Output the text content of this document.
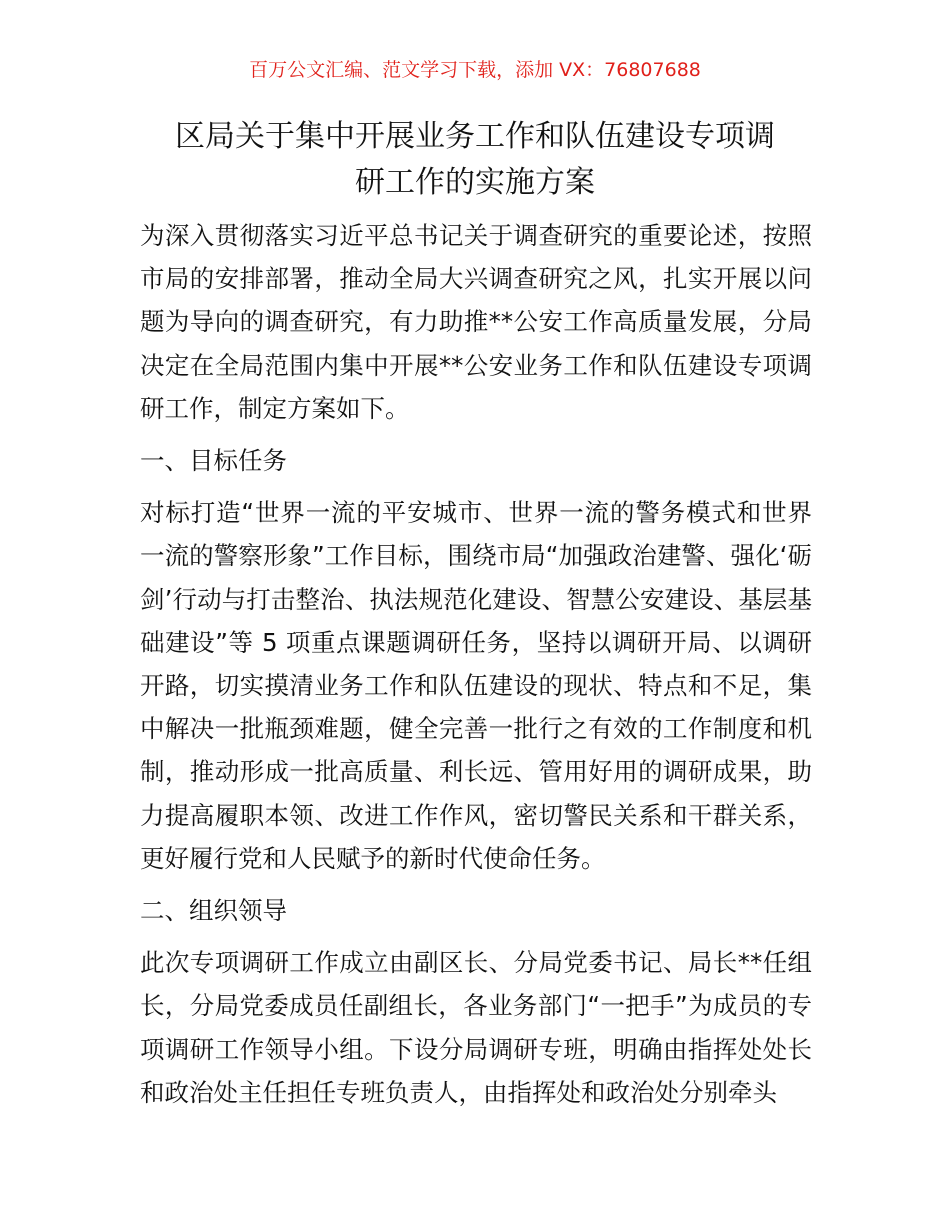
百万公文汇编、范文学习下载，添加 VX：76807688
区局关于集中开展业务工作和队伍建设专项调
研工作的实施方案

为深入贯彻落实习近平总书记关于调查研究的重要论述，按照市局的安排部署，推动全局大兴调查研究之风，扎实开展以问题为导向的调查研究，有力助推**公安工作高质量发展，分局决定在全局范围内集中开展**公安业务工作和队伍建设专项调研工作，制定方案如下。

一、目标任务

对标打造“世界一流的平安城市、世界一流的警务模式和世界一流的警察形象”工作目标，围绕市局“加强政治建警、强化‘砺剑’行动与打击整治、执法规范化建设、智慧公安建设、基层基础建设”等 5 项重点课题调研任务，坚持以调研开局、以调研开路，切实摸清业务工作和队伍建设的现状、特点和不足，集中解决一批瓶颈难题，健全完善一批行之有效的工作制度和机制，推动形成一批高质量、利长远、管用好用的调研成果，助力提高履职本领、改进工作作风，密切警民关系和干群关系，更好履行党和人民赋予的新时代使命任务。

二、组织领导

此次专项调研工作成立由副区长、分局党委书记、局长**任组长，分局党委成员任副组长，各业务部门“一把手”为成员的专项调研工作领导小组。下设分局调研专班，明确由指挥处处长和政治处主任担任专班负责人，由指挥处和政治处分别牵头
